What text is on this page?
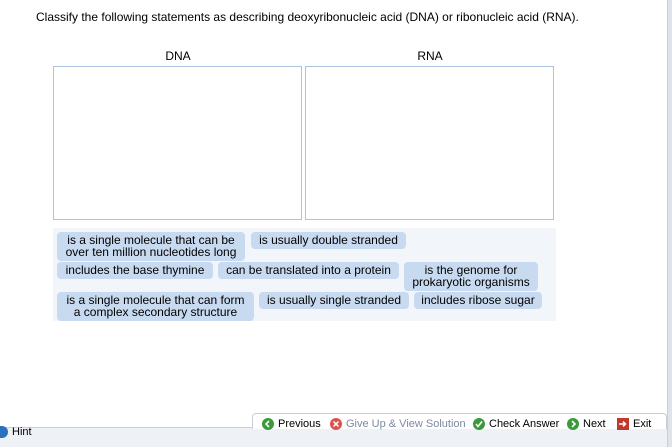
Classify the following statements as describing deoxyribonucleic acid (DNA) or ribonucleic acid (RNA).
DNA	RNA
is a single molecule that can be over ten million nucleotides long
is usually double stranded
includes the base thymine	can be translated into a protein	is the genome for prokaryotic organisms
is a single molecule that can form a complex secondary structure
is usually single stranded	includes ribose sugar
Hint
Previous Give Up & View Solution Check Answer Next Exit
